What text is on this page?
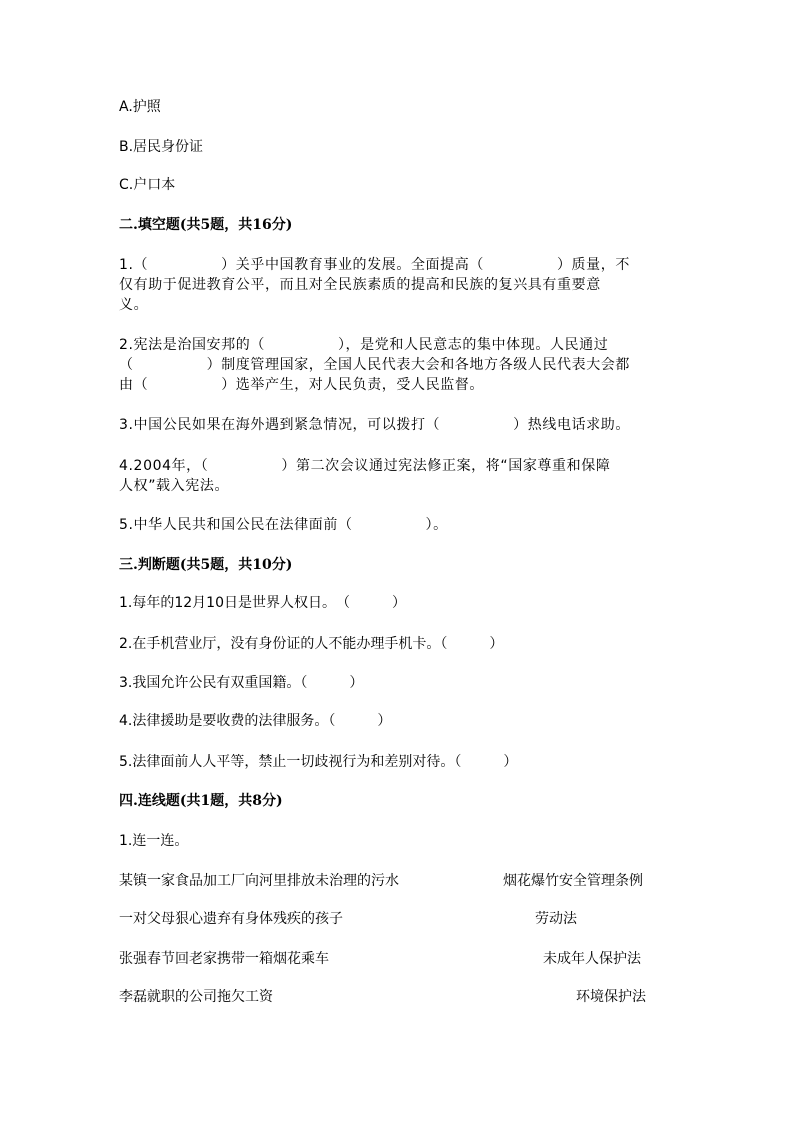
A.护照
B.居民身份证
C.户口本
二.填空题(共5题，共16分)
1.（　　　　　）关乎中国教育事业的发展。全面提高（　　　　　）质量，不
仅有助于促进教育公平，而且对全民族素质的提高和民族的复兴具有重要意
义。
2.宪法是治国安邦的（　　　　　），是党和人民意志的集中体现。人民通过
（　　　　　）制度管理国家，全国人民代表大会和各地方各级人民代表大会都
由（　　　　　）选举产生，对人民负责，受人民监督。
3.中国公民如果在海外遇到紧急情况，可以拨打（　　　　　）热线电话求助。
4.2004年，（　　　　　）第二次会议通过宪法修正案，将“国家尊重和保障
人权”载入宪法。
5.中华人民共和国公民在法律面前（　　　　　）。
三.判断题(共5题，共10分)
1.每年的12月10日是世界人权日。　（　　　）
2.在手机营业厅，没有身份证的人不能办理手机卡。（　　　）
3.我国允许公民有双重国籍。（　　　）
4.法律援助是要收费的法律服务。（　　　）
5.法律面前人人平等，禁止一切歧视行为和差别对待。（　　　）
四.连线题(共1题，共8分)
1.连一连。
某镇一家食品加工厂向河里排放未治理的污水	烟花爆竹安全管理条例
一对父母狠心遗弃有身体残疾的孩子	劳动法
张强春节回老家携带一箱烟花乘车	未成年人保护法
李磊就职的公司拖欠工资	环境保护法
